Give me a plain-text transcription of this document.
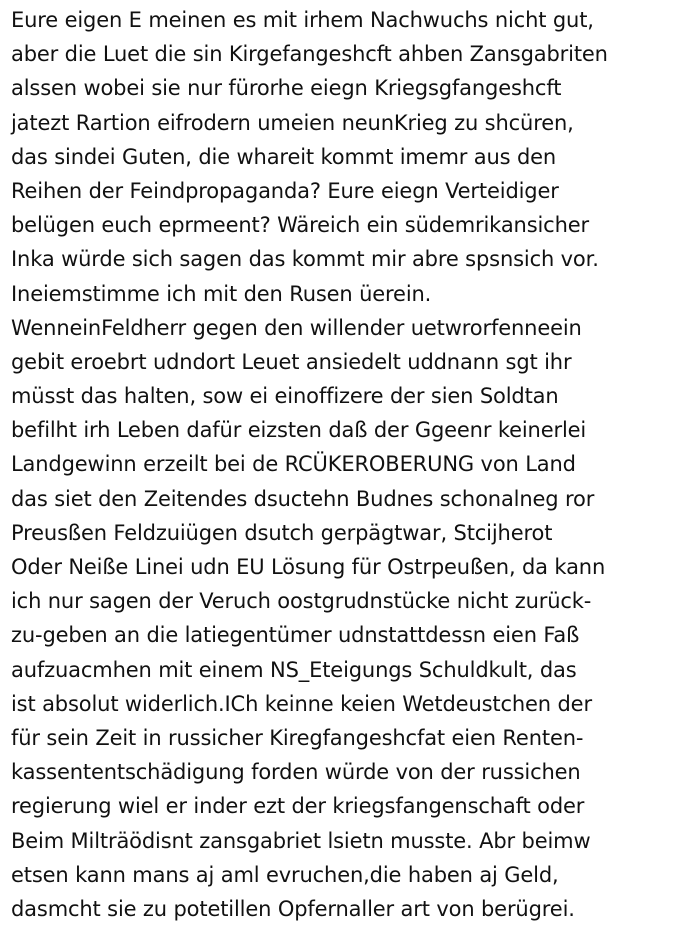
Eure eigen E meinen es mit irhem Nachwuchs nicht gut,
aber die Luet die sin Kirgefangeshcft ahben Zansgabriten
alssen wobei sie nur fürorhe eiegn Kriegsgfangeshcft
jatezt Rartion eifrodern umeien neunKrieg zu shcüren,
das sindei Guten, die whareit kommt imemr aus den
Reihen der Feindpropaganda? Eure eiegn Verteidiger
belügen euch eprmeent? Wäreich ein südemrikansicher
Inka würde sich sagen das kommt mir abre spsnsich vor.
Ineiemstimme ich mit den Rusen üerein.
WenneinFeldherr gegen den willender uetwrorfenneein
gebit eroebrt udndort Leuet ansiedelt uddnann sgt ihr
müsst das halten, sow ei einoffizere der sien Soldtan
befilht irh Leben dafür eizsten daß der Ggeenr keinerlei
Landgewinn erzeilt bei de RCÜKEROBERUNG von Land
das siet den Zeitendes dsuctehn Budnes schonalneg ror
Preusßen Feldzuiügen dsutch gerpägtwar, Stcijherot
Oder Neiße Linei udn EU Lösung für Ostrpeußen, da kann
ich nur sagen der Veruch oostgrudnstücke nicht zurück-
zu-geben an die latiegentümer udnstattdessn eien Faß
aufzuacmhen mit einem NS_Eteigungs Schuldkult, das
ist absolut widerlich.ICh keinne keien Wetdeustchen der
für sein Zeit in russicher Kiregfangeshcfat eien Renten-
kassententschädigung forden würde von der russichen
regierung wiel er inder ezt der kriegsfangenschaft oder
Beim Milträödisnt zansgabriet lsietn musste. Abr beimw
etsen kann mans aj aml evruchen,die haben aj Geld,
dasmcht sie zu potetillen Opfernaller art von berügrei.
